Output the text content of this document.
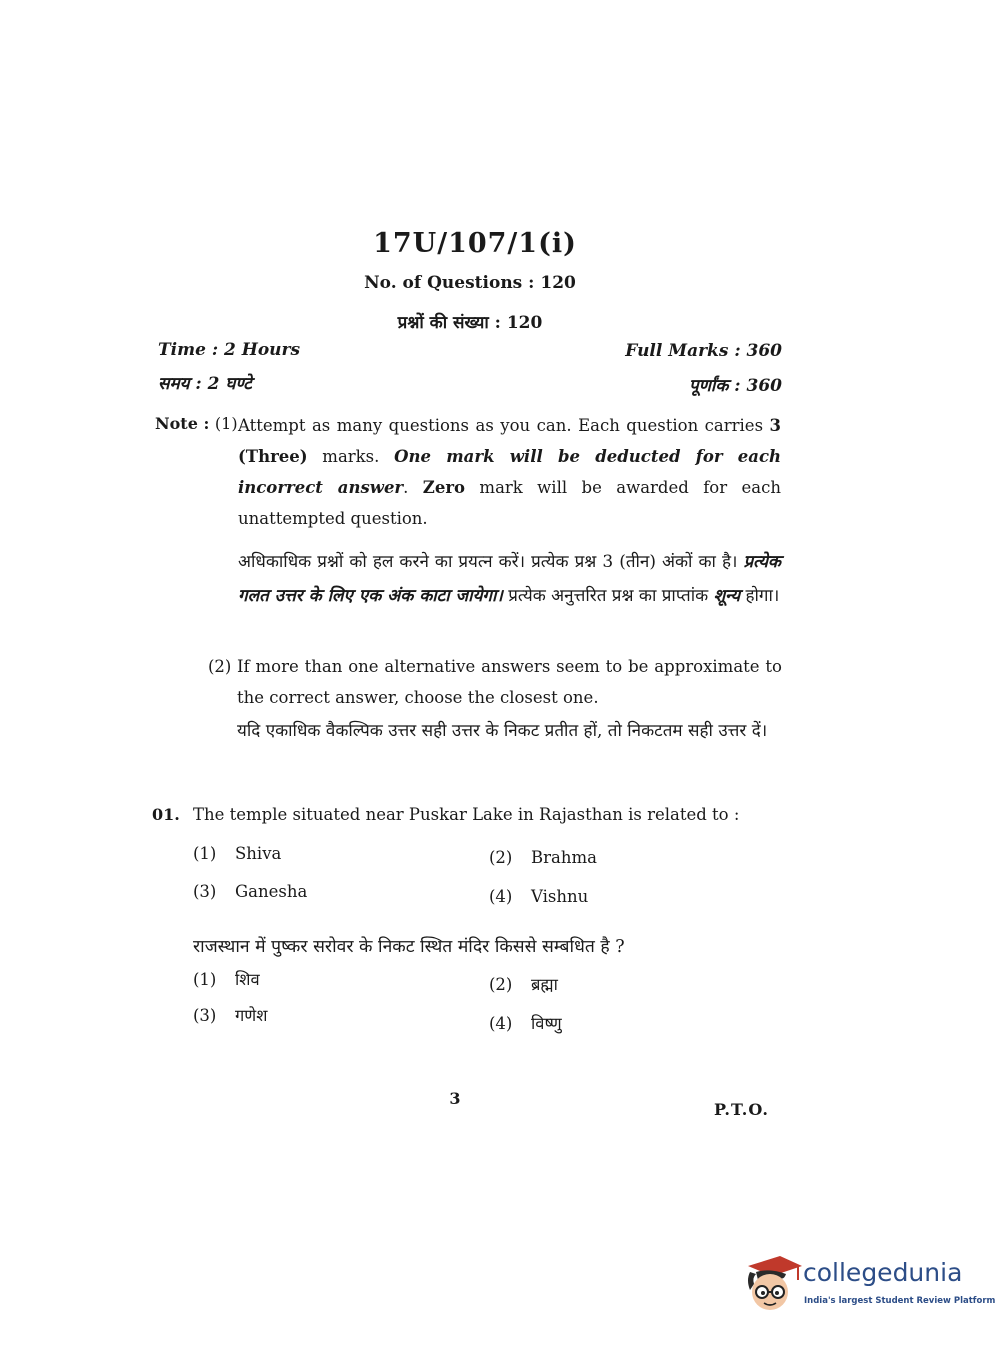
17U/107/1(i)
No. of Questions : 120
प्रश्नों की संख्या : 120
Time : 2 Hours
समय : 2 घण्टे
Full Marks : 360
पूर्णांक : 360
Note : (1) Attempt as many questions as you can. Each question carries 3 (Three) marks. One mark will be deducted for each incorrect answer. Zero mark will be awarded for each unattempted question.
अधिकाधिक प्रश्नों को हल करने का प्रयत्न करें। प्रत्येक प्रश्न 3 (तीन) अंकों का है। प्रत्येक गलत उत्तर के लिए एक अंक काटा जायेगा। प्रत्येक अनुत्तरित प्रश्न का प्राप्तांक शून्य होगा।
(2) If more than one alternative answers seem to be approximate to the correct answer, choose the closest one.
यदि एकाधिक वैकल्पिक उत्तर सही उत्तर के निकट प्रतीत हों, तो निकटतम सही उत्तर दें।
01. The temple situated near Puskar Lake in Rajasthan is related to :
(1) Shiva	(2) Brahma
(3) Ganesha	(4) Vishnu
राजस्थान में पुष्कर सरोवर के निकट स्थित मंदिर किससे सम्बधित है ?
(1) शिव	(2) ब्रह्मा
(3) गणेश	(4) विष्णु
3
P.T.O.
collegedunia
India's largest Student Review Platform
